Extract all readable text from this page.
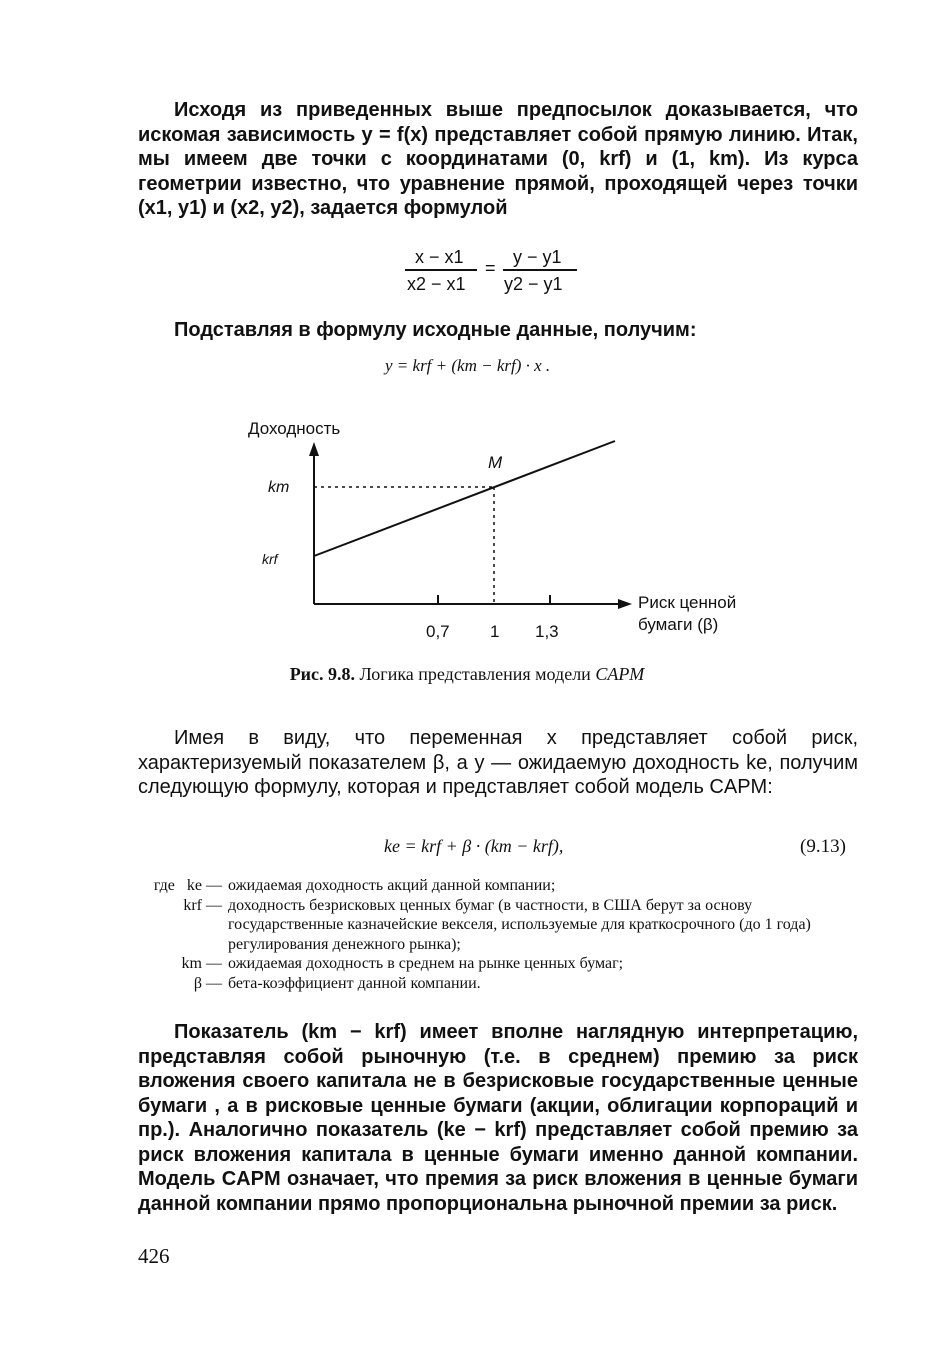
Исходя из приведенных выше предпосылок доказывается, что искомая зависимость y = f(x) представляет собой прямую линию. Итак, мы имеем две точки с координатами (0, krf) и (1, km). Из курса геометрии известно, что уравнение прямой, проходящей через точки (x1, y1) и (x2, y2), задается формулой
x − x1
x2 − x1
=
y − y1
y2 − y1
Подставляя в формулу исходные данные, получим:
y = krf + (km − krf) · x .
Доходность
M
km
krf
0,7 1 1,3
Риск ценной
бумаги (β)
Рис. 9.8. Логика представления модели CAPM
Имея в виду, что переменная x представляет собой риск, характеризуемый показателем β, а y — ожидаемую доходность ke, получим следующую формулу, которая и представляет собой модель CAPM:
ke = krf + β · (km − krf),	(9.13)
где ke — ожидаемая доходность акций данной компании;
krf — доходность безрисковых ценных бумаг (в частности, в США берут за основу государственные казначейские векселя, используемые для краткосрочного (до 1 года) регулирования денежного рынка);
km — ожидаемая доходность в среднем на рынке ценных бумаг;
β — бета-коэффициент данной компании.
Показатель (km − krf) имеет вполне наглядную интерпретацию, представляя собой рыночную (т.е. в среднем) премию за риск вложения своего капитала не в безрисковые государственные ценные бумаги , а в рисковые ценные бумаги (акции, облигации корпораций и пр.). Аналогично показатель (ke − krf) представляет собой премию за риск вложения капитала в ценные бумаги именно данной компании. Модель CAPM означает, что премия за риск вложения в ценные бумаги данной компании прямо пропорциональна рыночной премии за риск.
426
